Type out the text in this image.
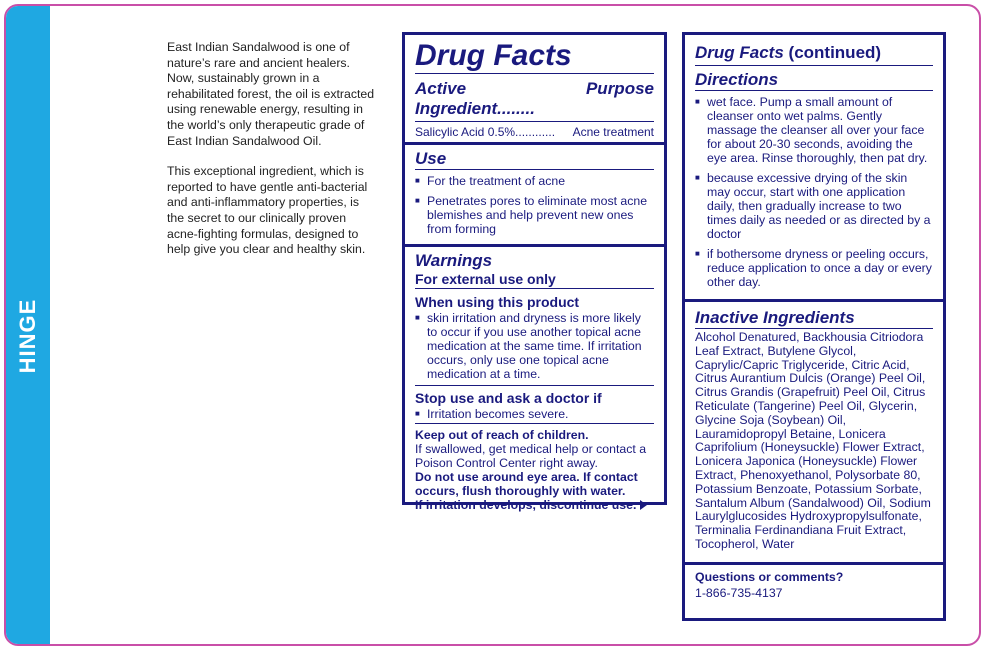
HINGE

East Indian Sandalwood is one of nature’s rare and ancient healers. Now, sustainably grown in a rehabilitated forest, the oil is extracted using renewable energy, resulting in the world’s only therapeutic grade of East Indian Sandalwood Oil.

This exceptional ingredient, which is reported to have gentle anti-bacterial and anti-inflammatory properties, is the secret to our clinically proven acne-fighting formulas, designed to help give you clear and healthy skin.

Drug Facts
Active Ingredient........
Purpose
Salicylic Acid 0.5%............ Acne treatment
Use
■ For the treatment of acne
■ Penetrates pores to eliminate most acne blemishes and help prevent new ones from forming
Warnings
For external use only
When using this product
■ skin irritation and dryness is more likely to occur if you use another topical acne medication at the same time. If irritation occurs, only use one topical acne medication at a time.
Stop use and ask a doctor if
■ Irritation becomes severe.
Keep out of reach of children.
If swallowed, get medical help or contact a Poison Control Center right away.
Do not use around eye area. If contact occurs, flush thoroughly with water.
If irritation develops, discontinue use.
Drug Facts (continued)
Directions
■ wet face. Pump a small amount of cleanser onto wet palms. Gently massage the cleanser all over your face for about 20-30 seconds, avoiding the eye area. Rinse thoroughly, then pat dry.
■ because excessive drying of the skin may occur, start with one application daily, then gradually increase to two times daily as needed or as directed by a doctor
■ if bothersome dryness or peeling occurs, reduce application to once a day or every other day.
Inactive Ingredients
Alcohol Denatured, Backhousia Citriodora Leaf Extract, Butylene Glycol, Caprylic/Capric Triglyceride, Citric Acid, Citrus Aurantium Dulcis (Orange) Peel Oil, Citrus Grandis (Grapefruit) Peel Oil, Citrus Reticulate (Tangerine) Peel Oil, Glycerin, Glycine Soja (Soybean) Oil, Lauramidopropyl Betaine, Lonicera Caprifolium (Honeysuckle) Flower Extract, Lonicera Japonica (Honeysuckle) Flower Extract, Phenoxyethanol, Polysorbate 80, Potassium Benzoate, Potassium Sorbate, Santalum Album (Sandalwood) Oil, Sodium Laurylglucosides Hydroxypropylsulfonate, Terminalia Ferdinandiana Fruit Extract, Tocopherol, Water
Questions or comments?
1-866-735-4137
